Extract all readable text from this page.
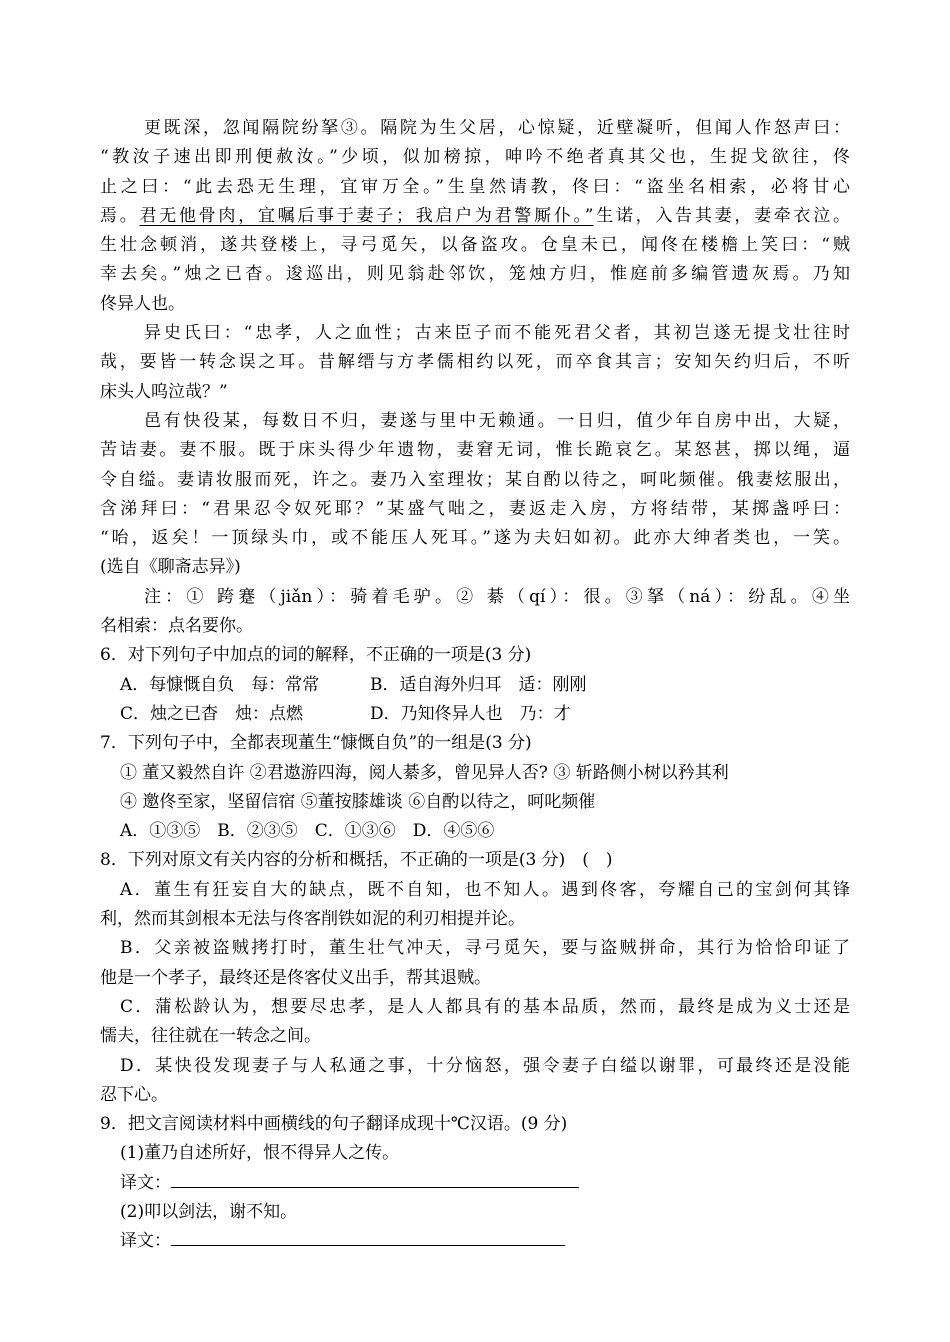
更既深，忽闻隔院纷拏③。隔院为生父居，心惊疑，近壁凝听，但闻人作怒声曰：
“教汝子速出即刑便赦汝。”少顷，似加榜掠，呻吟不绝者真其父也，生捉戈欲往，佟
止之曰：“此去恐无生理，宜审万全。”生皇然请教，佟曰：“盗坐名相索，必将甘心
焉。君无他骨肉，宜嘱后事于妻子；我启户为君警厮仆。”生诺，入告其妻，妻牵衣泣。
生壮念顿消，遂共登楼上，寻弓觅矢，以备盗攻。仓皇未已，闻佟在楼檐上笑曰：“贼
幸去矣。”烛之已杳。逡巡出，则见翁赴邻饮，笼烛方归，惟庭前多编管遗灰焉。乃知
佟异人也。
异史氏曰：“忠孝，人之血性；古来臣子而不能死君父者，其初岂遂无提戈壮往时
哉，要皆一转念误之耳。昔解缙与方孝儒相约以死，而卒食其言；安知矢约归后，不听
床头人呜泣哉？”
邑有快役某，每数日不归，妻遂与里中无赖通。一日归，值少年自房中出，大疑，
苦诘妻。妻不服。既于床头得少年遗物，妻窘无词，惟长跪哀乞。某怒甚，掷以绳，逼
令自缢。妻请妆服而死，许之。妻乃入室理妆；某自酌以待之，呵叱频催。俄妻炫服出，
含涕拜曰：“君果忍令奴死耶？”某盛气咄之，妻返走入房，方将结带，某掷盏呼曰：
“咍，返矣！一顶绿头巾，或不能压人死耳。”遂为夫妇如初。此亦大绅者类也，一笑。
(选自《聊斋志异》)
注：① 跨蹇（jiǎn）：骑着毛驴。② 綦（qí）：很。③拏（ná）：纷乱。④坐
名相索：点名要你。
6．对下列句子中加点的词的解释，不正确的一项是(3 分)
A．每慷慨自负　每：常常	B．适自海外归耳　适：刚刚
C．烛之已杳　烛：点燃	D．乃知佟异人也　乃：才
7．下列句子中，全都表现董生“慷慨自负”的一组是(3 分)
① 董又毅然自许 ②君遨游四海，阅人綦多，曾见异人否? ③ 斩路侧小树以矜其利
④ 邀佟至家，坚留信宿 ⑤董按膝雄谈 ⑥自酌以待之，呵叱频催
A．①③⑤　B．②③⑤　C．①③⑥　D．④⑤⑥
8．下列对原文有关内容的分析和概括，不正确的一项是(3 分)　(　)
A．董生有狂妄自大的缺点，既不自知，也不知人。遇到佟客，夸耀自己的宝剑何其锋
利，然而其剑根本无法与佟客削铁如泥的利刃相提并论。
B．父亲被盗贼拷打时，董生壮气冲天，寻弓觅矢，要与盗贼拼命，其行为恰恰印证了
他是一个孝子，最终还是佟客仗义出手，帮其退贼。
C．蒲松龄认为，想要尽忠孝，是人人都具有的基本品质，然而，最终是成为义士还是
懦夫，往往就在一转念之间。
D．某快役发现妻子与人私通之事，十分恼怒，强令妻子白缢以谢罪，可最终还是没能
忍下心。
9．把文言阅读材料中画横线的句子翻译成现十℃汉语。(9 分)
(1)董乃自述所好，恨不得异人之传。
译文：
(2)叩以剑法，谢不知。
译文：
